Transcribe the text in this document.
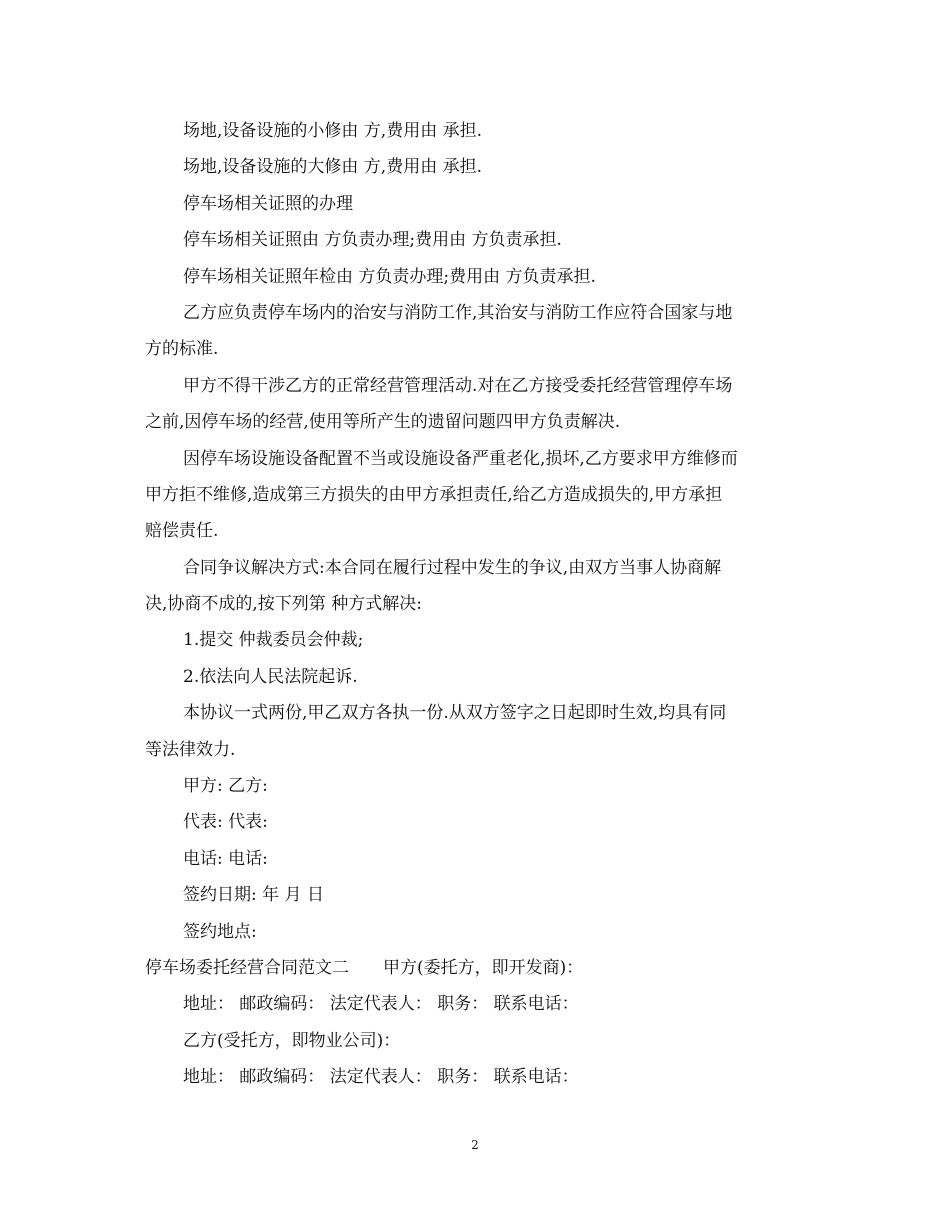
场地,设备设施的小修由 方,费用由 承担.
场地,设备设施的大修由 方,费用由 承担.
停车场相关证照的办理
停车场相关证照由 方负责办理;费用由 方负责承担.
停车场相关证照年检由 方负责办理;费用由 方负责承担.
乙方应负责停车场内的治安与消防工作,其治安与消防工作应符合国家与地
方的标准.
甲方不得干涉乙方的正常经营管理活动.对在乙方接受委托经营管理停车场
之前,因停车场的经营,使用等所产生的遗留问题四甲方负责解决.
因停车场设施设备配置不当或设施设备严重老化,损坏,乙方要求甲方维修而
甲方拒不维修,造成第三方损失的由甲方承担责任,给乙方造成损失的,甲方承担
赔偿责任.
合同争议解决方式:本合同在履行过程中发生的争议,由双方当事人协商解
决,协商不成的,按下列第 种方式解决:
1.提交 仲裁委员会仲裁;
2.依法向人民法院起诉.
本协议一式两份,甲乙双方各执一份.从双方签字之日起即时生效,均具有同
等法律效力.
甲方: 乙方:
代表: 代表:
电话: 电话:
签约日期: 年 月 日
签约地点:
停车场委托经营合同范文二　　甲方(委托方，即开发商)：
地址： 邮政编码： 法定代表人： 职务： 联系电话：
乙方(受托方，即物业公司)：
地址： 邮政编码： 法定代表人： 职务： 联系电话：
2
